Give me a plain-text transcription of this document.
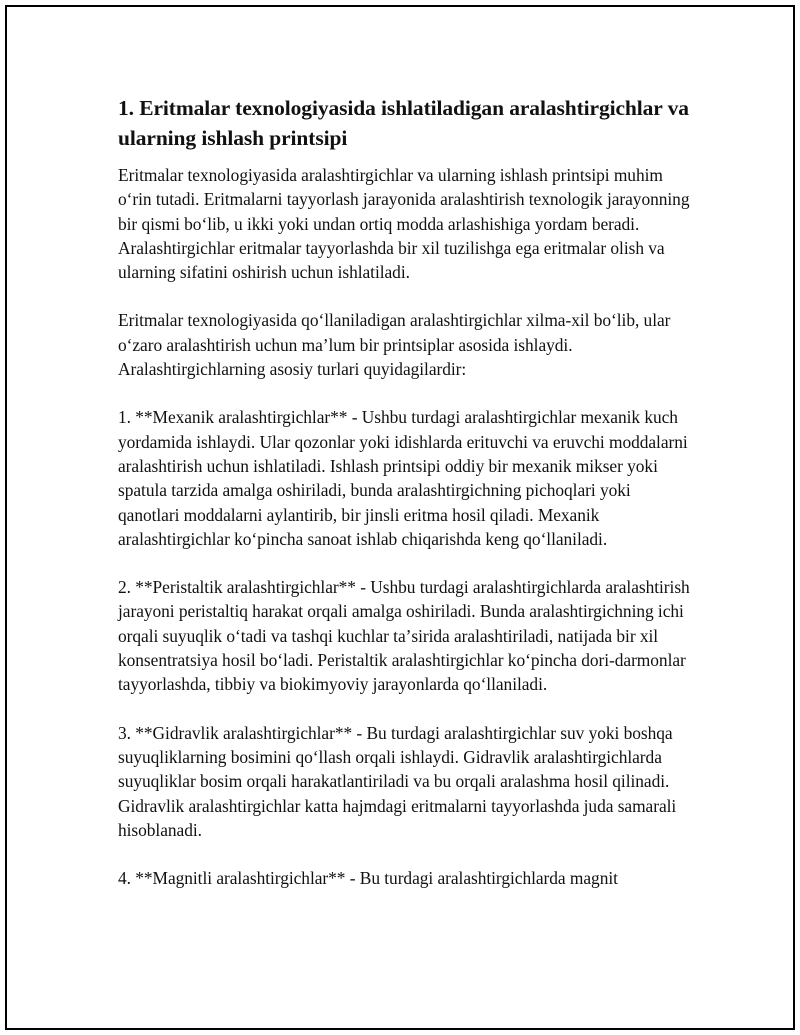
1. Eritmalar texnologiyasida ishlatiladigan aralashtirgichlar va ularning ishlash printsipi

Eritmalar texnologiyasida aralashtirgichlar va ularning ishlash printsipi muhim oʻrin tutadi. Eritmalarni tayyorlash jarayonida aralashtirish texnologik jarayonning bir qismi boʻlib, u ikki yoki undan ortiq modda arlashishiga yordam beradi. Aralashtirgichlar eritmalar tayyorlashda bir xil tuzilishga ega eritmalar olish va ularning sifatini oshirish uchun ishlatiladi.

Eritmalar texnologiyasida qoʻllaniladigan aralashtirgichlar xilma-xil boʻlib, ular oʻzaro aralashtirish uchun maʼlum bir printsiplar asosida ishlaydi. Aralashtirgichlarning asosiy turlari quyidagilardir:

1. **Mexanik aralashtirgichlar** - Ushbu turdagi aralashtirgichlar mexanik kuch yordamida ishlaydi. Ular qozonlar yoki idishlarda erituvchi va eruvchi moddalarni aralashtirish uchun ishlatiladi. Ishlash printsipi oddiy bir mexanik mikser yoki spatula tarzida amalga oshiriladi, bunda aralashtirgichning pichoqlari yoki qanotlari moddalarni aylantirib, bir jinsli eritma hosil qiladi. Mexanik aralashtirgichlar koʻpincha sanoat ishlab chiqarishda keng qoʻllaniladi.

2. **Peristaltik aralashtirgichlar** - Ushbu turdagi aralashtirgichlarda aralashtirish jarayoni peristaltiq harakat orqali amalga oshiriladi. Bunda aralashtirgichning ichi orqali suyuqlik oʻtadi va tashqi kuchlar taʼsirida aralashtiriladi, natijada bir xil konsentratsiya hosil boʻladi. Peristaltik aralashtirgichlar koʻpincha dori-darmonlar tayyorlashda, tibbiy va biokimyoviy jarayonlarda qoʻllaniladi.

3. **Gidravlik aralashtirgichlar** - Bu turdagi aralashtirgichlar suv yoki boshqa suyuqliklarning bosimini qoʻllash orqali ishlaydi. Gidravlik aralashtirgichlarda suyuqliklar bosim orqali harakatlantiriladi va bu orqali aralashma hosil qilinadi. Gidravlik aralashtirgichlar katta hajmdagi eritmalarni tayyorlashda juda samarali hisoblanadi.

4. **Magnitli aralashtirgichlar** - Bu turdagi aralashtirgichlarda magnit
